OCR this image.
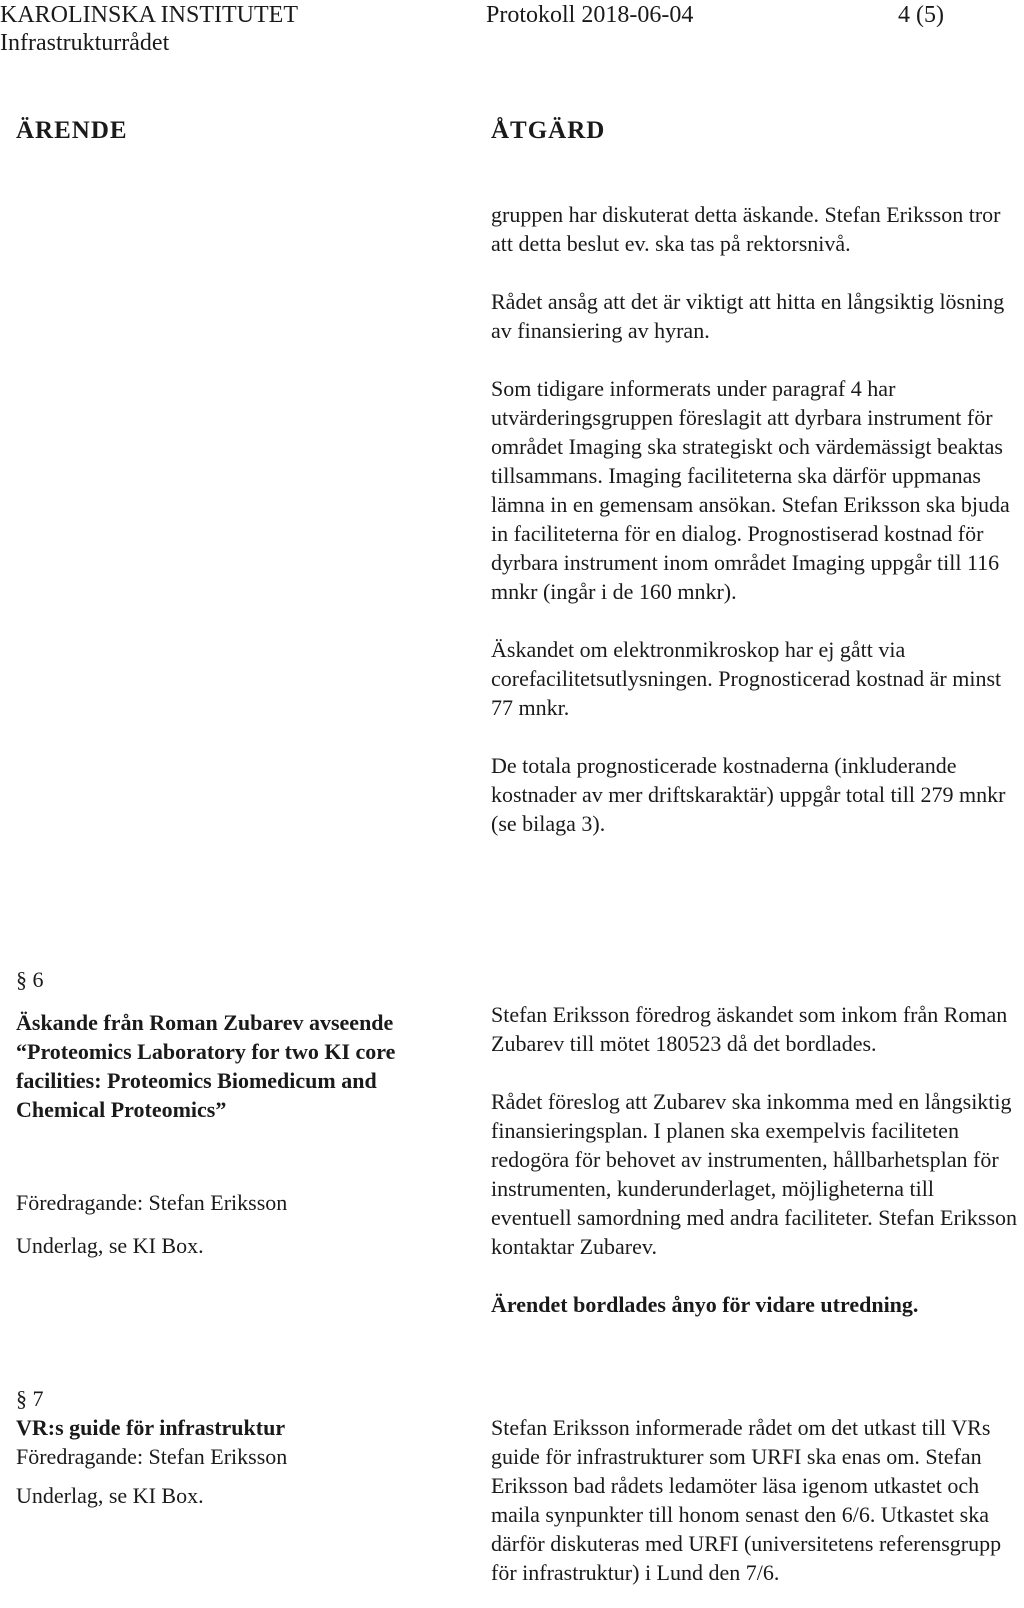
KAROLINSKA INSTITUTET
Infrastrukturrådet
Protokoll 2018-06-04	4 (5)
ÄRENDE	ÅTGÄRD

gruppen har diskuterat detta äskande. Stefan Eriksson tror att detta beslut ev. ska tas på rektorsnivå.

Rådet ansåg att det är viktigt att hitta en långsiktig lösning av finansiering av hyran.

Som tidigare informerats under paragraf 4 har utvärderingsgruppen föreslagit att dyrbara instrument för området Imaging ska strategiskt och värdemässigt beaktas tillsammans. Imaging faciliteterna ska därför uppmanas lämna in en gemensam ansökan. Stefan Eriksson ska bjuda in faciliteterna för en dialog. Prognostiserad kostnad för dyrbara instrument inom området Imaging uppgår till 116 mnkr (ingår i de 160 mnkr).

Äskandet om elektronmikroskop har ej gått via corefacilitetsutlysningen. Prognosticerad kostnad är minst 77 mnkr.

De totala prognosticerade kostnaderna (inkluderande kostnader av mer driftskaraktär) uppgår total till 279 mnkr (se bilaga 3).

§ 6
Äskande från Roman Zubarev avseende “Proteomics Laboratory for two KI core facilities: Proteomics Biomedicum and Chemical Proteomics”
Föredragande: Stefan Eriksson
Underlag, se KI Box.

Stefan Eriksson föredrog äskandet som inkom från Roman Zubarev till mötet 180523 då det bordlades.

Rådet föreslog att Zubarev ska inkomma med en långsiktig finansieringsplan. I planen ska exempelvis faciliteten redogöra för behovet av instrumenten, hållbarhetsplan för instrumenten, kunderunderlaget, möjligheterna till eventuell samordning med andra faciliteter. Stefan Eriksson kontaktar Zubarev.

Ärendet bordlades ånyo för vidare utredning.

§ 7
VR:s guide för infrastruktur
Föredragande: Stefan Eriksson
Underlag, se KI Box.

Stefan Eriksson informerade rådet om det utkast till VRs guide för infrastrukturer som URFI ska enas om. Stefan Eriksson bad rådets ledamöter läsa igenom utkastet och maila synpunkter till honom senast den 6/6. Utkastet ska därför diskuteras med URFI (universitetens referensgrupp för infrastruktur) i Lund den 7/6.
